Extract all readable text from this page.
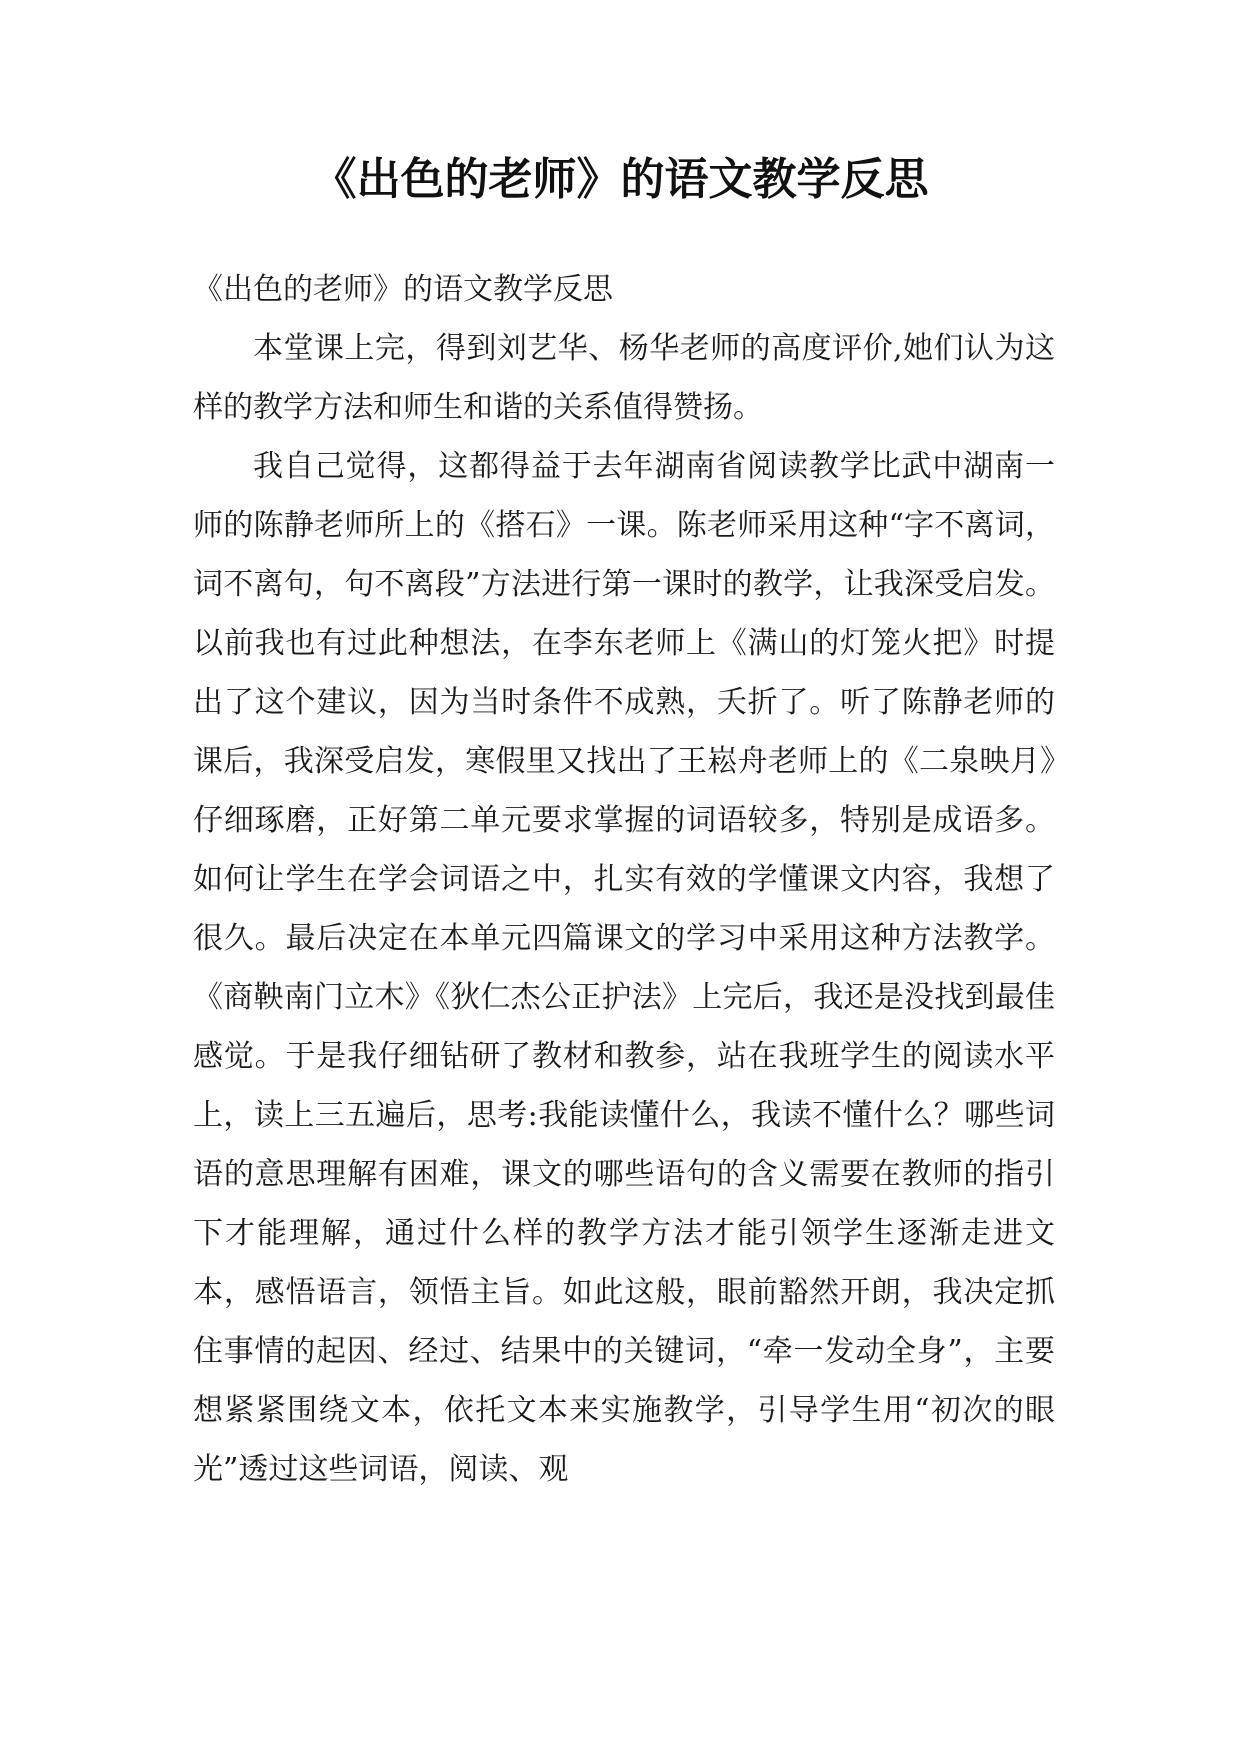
《出色的老师》的语文教学反思

《出色的老师》的语文教学反思

本堂课上完，得到刘艺华、杨华老师的高度评价,她们认为这样的教学方法和师生和谐的关系值得赞扬。

我自己觉得，这都得益于去年湖南省阅读教学比武中湖南一师的陈静老师所上的《搭石》一课。陈老师采用这种“字不离词，词不离句，句不离段”方法进行第一课时的教学，让我深受启发。以前我也有过此种想法，在李东老师上《满山的灯笼火把》时提出了这个建议，因为当时条件不成熟，夭折了。听了陈静老师的课后，我深受启发，寒假里又找出了王崧舟老师上的《二泉映月》仔细琢磨，正好第二单元要求掌握的词语较多，特别是成语多。如何让学生在学会词语之中，扎实有效的学懂课文内容，我想了很久。最后决定在本单元四篇课文的学习中采用这种方法教学。《商鞅南门立木》《狄仁杰公正护法》上完后，我还是没找到最佳感觉。于是我仔细钻研了教材和教参，站在我班学生的阅读水平上，读上三五遍后，思考:我能读懂什么，我读不懂什么？哪些词语的意思理解有困难，课文的哪些语句的含义需要在教师的指引下才能理解，通过什么样的教学方法才能引领学生逐渐走进文本，感悟语言，领悟主旨。如此这般，眼前豁然开朗，我决定抓住事情的起因、经过、结果中的关键词，“牵一发动全身”，主要想紧紧围绕文本，依托文本来实施教学，引导学生用“初次的眼光”透过这些词语，阅读、观
